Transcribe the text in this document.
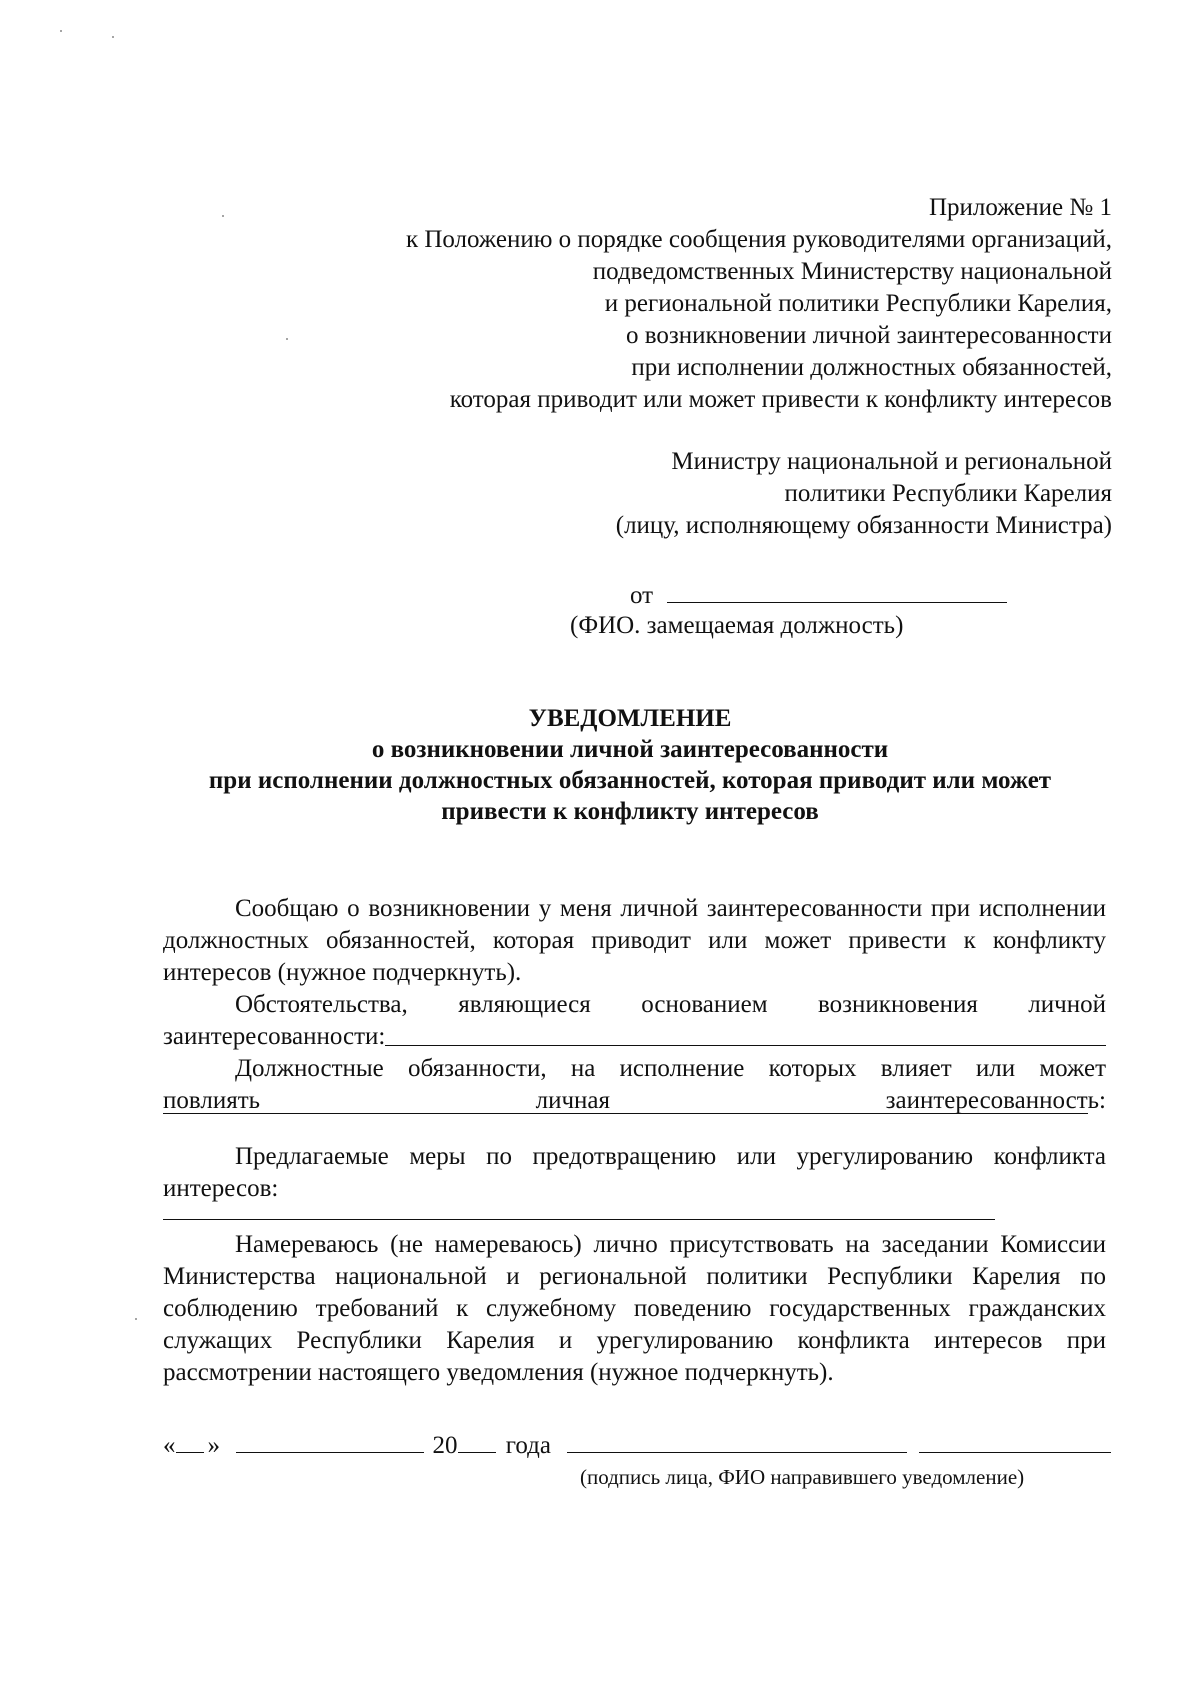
Приложение № 1
к Положению о порядке сообщения руководителями организаций,
подведомственных Министерству национальной
и региональной политики Республики Карелия,
о возникновении личной заинтересованности
при исполнении должностных обязанностей,
которая приводит или может привести к конфликту интересов
Министру национальной и региональной
политики Республики Карелия
(лицу, исполняющему обязанности Министра)
от
(ФИО. замещаемая должность)
УВЕДОМЛЕНИЕ
о возникновении личной заинтересованности
при исполнении должностных обязанностей, которая приводит или может
привести к конфликту интересов
Сообщаю о возникновении у меня личной заинтересованности при исполнении должностных обязанностей, которая приводит или может привести к конфликту интересов (нужное подчеркнуть).
Обстоятельства, являющиеся основанием возникновения личной
заинтересованности:
Должностные обязанности, на исполнение которых влияет или может
повлиять личная заинтересованность:
Предлагаемые меры по предотвращению или урегулированию конфликта
интересов:
Намереваюсь (не намереваюсь) лично присутствовать на заседании Комиссии Министерства национальной и региональной политики Республики Карелия по соблюдению требований к служебному поведению государственных гражданских служащих Республики Карелия и урегулированию конфликта интересов при рассмотрении настоящего уведомления (нужное подчеркнуть).
« »	20 года
(подпись лица, ФИО направившего уведомление)
